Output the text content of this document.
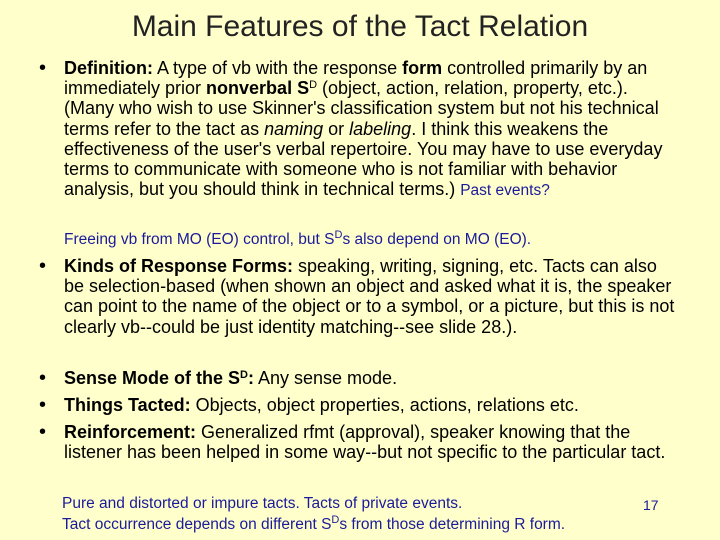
Main Features of the Tact Relation
• Definition: A type of vb with the response form controlled primarily by an immediately prior nonverbal $S^D$ (object, action, relation, property, etc.). (Many who wish to use Skinner's classification system but not his technical terms refer to the tact as naming or labeling. I think this weakens the effectiveness of the user's verbal repertoire. You may have to use everyday terms to communicate with someone who is not familiar with behavior analysis, but you should think in technical terms.) Past events?
Freeing vb from MO (EO) control, but $S^Ds$ also depend on MO (EO).
• Kinds of Response Forms: speaking, writing, signing, etc. Tacts can also be selection-based (when shown an object and asked what it is, the speaker can point to the name of the object or to a symbol, or a picture, but this is not clearly vb--could be just identity matching--see slide 28.).
• Sense Mode of the $S^D$: Any sense mode.
• Things Tacted: Objects, object properties, actions, relations etc.
• Reinforcement: Generalized rfmt (approval), speaker knowing that the listener has been helped in some way--but not specific to the particular tact.
Pure and distorted or impure tacts. Tacts of private events.
Tact occurrence depends on different $S^Ds$ from those determining R form.
17
